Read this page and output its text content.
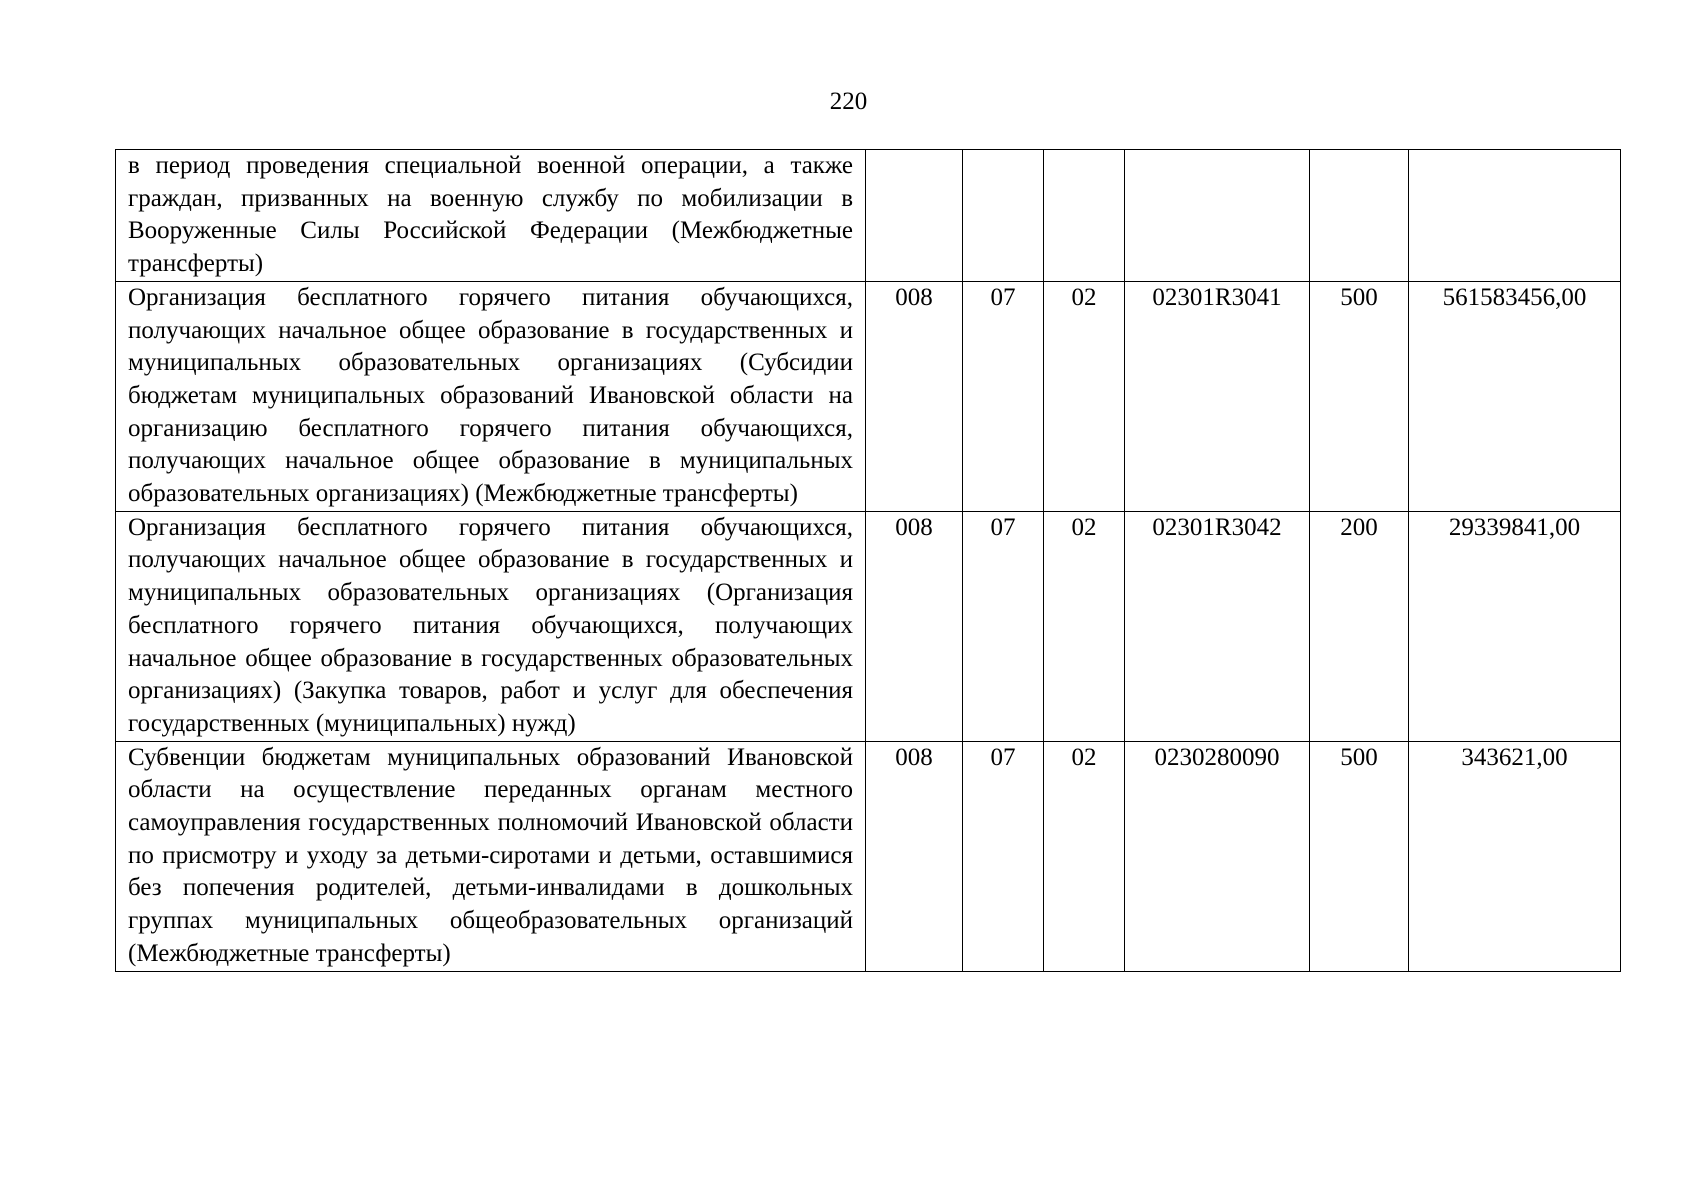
220
в период проведения специальной военной операции, а также граждан, призванных на военную службу по мобилизации в Вооруженные Силы Российской Федерации (Межбюджетные трансферты)						
Организация бесплатного горячего питания обучающихся, получающих начальное общее образование в государственных и муниципальных образовательных организациях (Субсидии бюджетам муниципальных образований Ивановской области на организацию бесплатного горячего питания обучающихся, получающих начальное общее образование в муниципальных образовательных организациях) (Межбюджетные трансферты)	008	07	02	02301R3041	500	561583456,00
Организация бесплатного горячего питания обучающихся, получающих начальное общее образование в государственных и муниципальных образовательных организациях (Организация бесплатного горячего питания обучающихся, получающих начальное общее образование в государственных образовательных организациях) (Закупка товаров, работ и услуг для обеспечения государственных (муниципальных) нужд)	008	07	02	02301R3042	200	29339841,00
Субвенции бюджетам муниципальных образований Ивановской области на осуществление переданных органам местного самоуправления государственных полномочий Ивановской области по присмотру и уходу за детьми-сиротами и детьми, оставшимися без попечения родителей, детьми-инвалидами в дошкольных группах муниципальных общеобразовательных организаций (Межбюджетные трансферты)	008	07	02	0230280090	500	343621,00
